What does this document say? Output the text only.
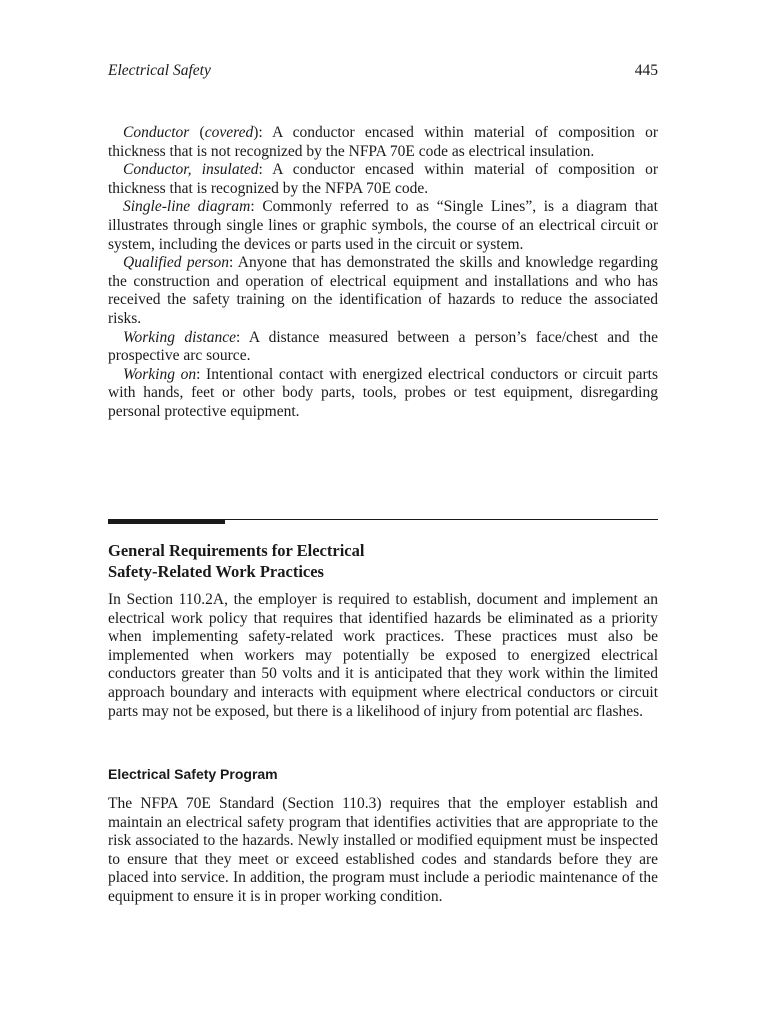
Electrical Safety	445

Conductor (covered): A conductor encased within material of composition or thickness that is not recognized by the NFPA 70E code as electrical insulation.

Conductor, insulated: A conductor encased within material of composition or thickness that is recognized by the NFPA 70E code.

Single-line diagram: Commonly referred to as “Single Lines”, is a diagram that illustrates through single lines or graphic symbols, the course of an electrical circuit or system, including the devices or parts used in the circuit or system.

Qualified person: Anyone that has demonstrated the skills and knowledge regarding the construction and operation of electrical equipment and installations and who has received the safety training on the identification of hazards to reduce the associated risks.

Working distance: A distance measured between a person’s face/chest and the prospective arc source.

Working on: Intentional contact with energized electrical conductors or circuit parts with hands, feet or other body parts, tools, probes or test equipment, disregarding personal protective equipment.

General Requirements for Electrical
Safety-Related Work Practices

In Section 110.2A, the employer is required to establish, document and implement an electrical work policy that requires that identified hazards be eliminated as a priority when implementing safety-related work practices. These practices must also be implemented when workers may potentially be exposed to energized electrical conductors greater than 50 volts and it is anticipated that they work within the limited approach boundary and interacts with equipment where electrical conductors or circuit parts may not be exposed, but there is a likelihood of injury from potential arc flashes.

Electrical Safety Program

The NFPA 70E Standard (Section 110.3) requires that the employer establish and maintain an electrical safety program that identifies activities that are appropriate to the risk associated to the hazards. Newly installed or modified equipment must be inspected to ensure that they meet or exceed established codes and standards before they are placed into service. In addition, the program must include a periodic maintenance of the equipment to ensure it is in proper working condition.
